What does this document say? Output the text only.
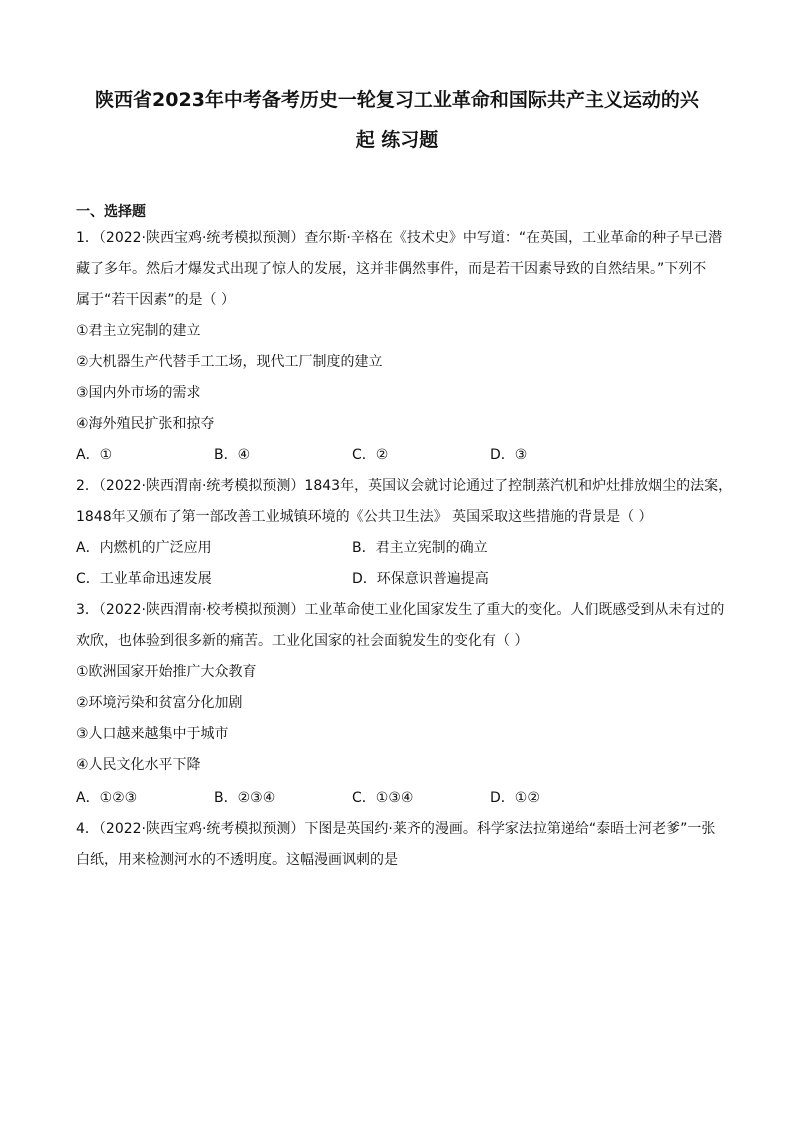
陕西省2023年中考备考历史一轮复习工业革命和国际共产主义运动的兴
起 练习题
一、选择题
1．（2022·陕西宝鸡·统考模拟预测）查尔斯·辛格在《技术史》中写道：“在英国，工业革命的种子早已潜
藏了多年。然后才爆发式出现了惊人的发展，这并非偶然事件，而是若干因素导致的自然结果。”下列不
属于“若干因素”的是（ ）
①君主立宪制的建立
②大机器生产代替手工工场，现代工厂制度的建立
③国内外市场的需求
④海外殖民扩张和掠夺
A．①	B．④	C．②	D．③
2．（2022·陕西渭南·统考模拟预测）1843年，英国议会就讨论通过了控制蒸汽机和炉灶排放烟尘的法案，
1848年又颁布了第一部改善工业城镇环境的《公共卫生法》 英国采取这些措施的背景是（ ）
A．内燃机的广泛应用	B．君主立宪制的确立
C．工业革命迅速发展	D．环保意识普遍提高
3．（2022·陕西渭南·校考模拟预测）工业革命使工业化国家发生了重大的变化。人们既感受到从未有过的
欢欣，也体验到很多新的痛苦。工业化国家的社会面貌发生的变化有（ ）
①欧洲国家开始推广大众教育
②环境污染和贫富分化加剧
③人口越来越集中于城市
④人民文化水平下降
A．①②③	B．②③④	C．①③④	D．①②
4．（2022·陕西宝鸡·统考模拟预测）下图是英国约·莱齐的漫画。科学家法拉第递给“泰晤士河老爹”一张
白纸，用来检测河水的不透明度。这幅漫画讽刺的是
